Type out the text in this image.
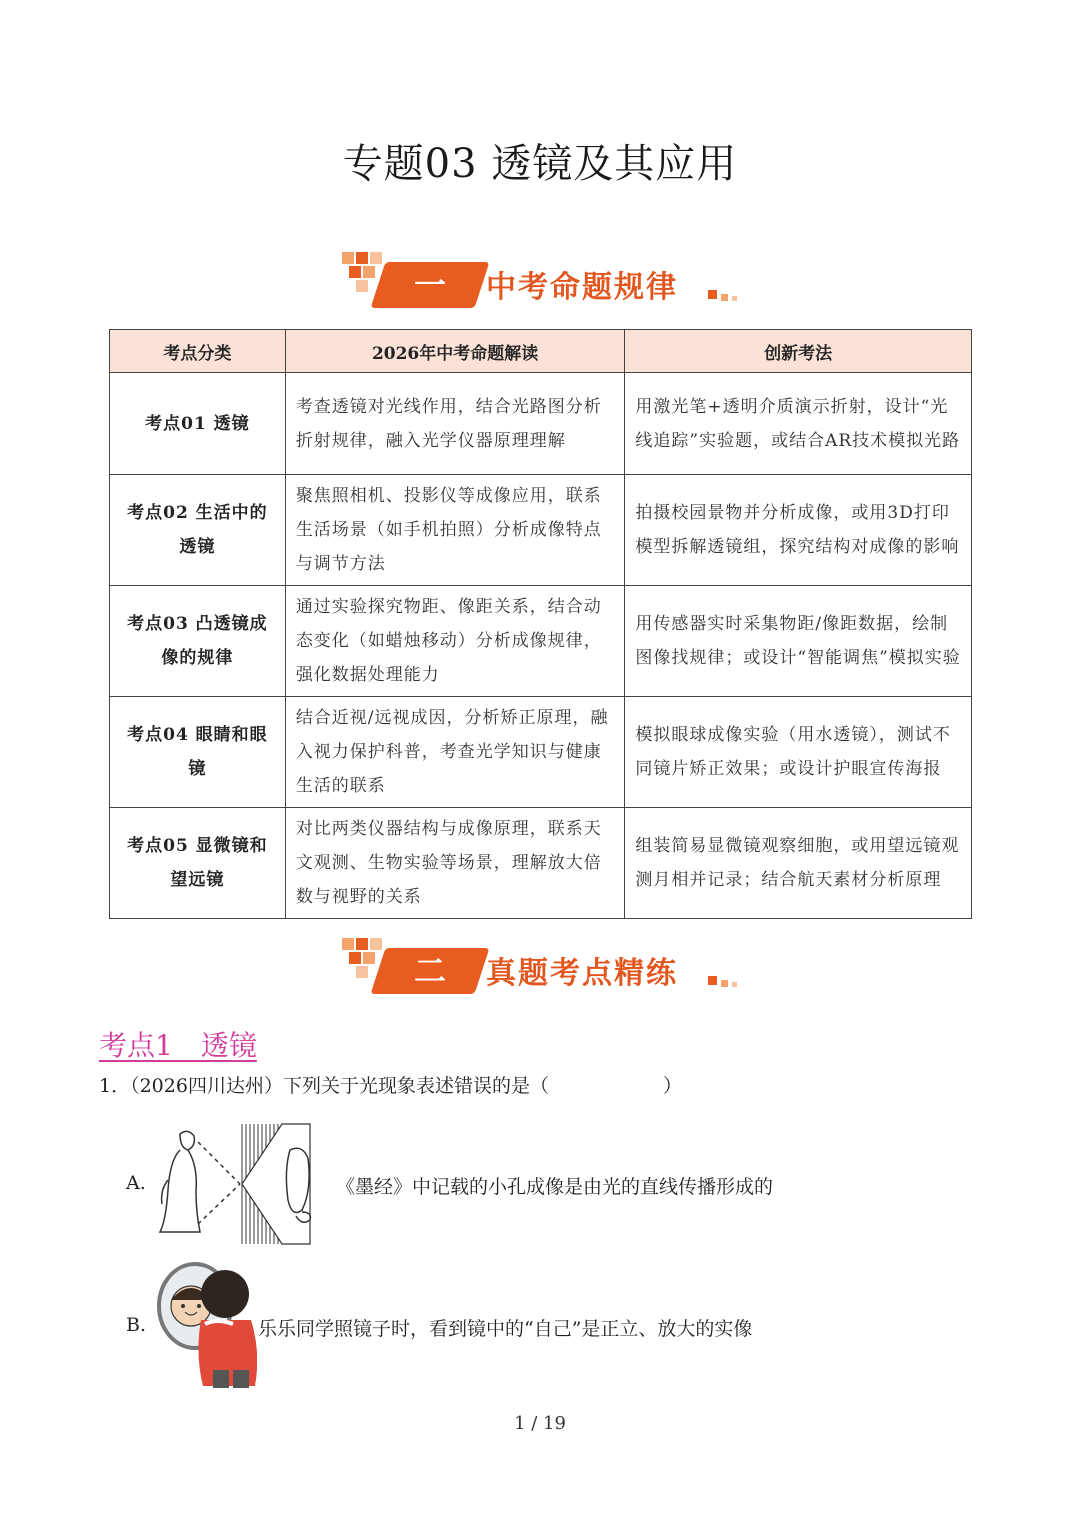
专题03 透镜及其应用
一	中考命题规律
考点分类	2026年中考命题解读	创新考法
考点01 透镜	考查透镜对光线作用，结合光路图分析折射规律，融入光学仪器原理理解	用激光笔+透明介质演示折射，设计“光线追踪”实验题，或结合AR技术模拟光路
考点02 生活中的透镜	聚焦照相机、投影仪等成像应用，联系生活场景（如手机拍照）分析成像特点与调节方法	拍摄校园景物并分析成像，或用3D打印模型拆解透镜组，探究结构对成像的影响
考点03 凸透镜成像的规律	通过实验探究物距、像距关系，结合动态变化（如蜡烛移动）分析成像规律，强化数据处理能力	用传感器实时采集物距/像距数据，绘制图像找规律；或设计“智能调焦”模拟实验
考点04 眼睛和眼镜	结合近视/远视成因，分析矫正原理，融入视力保护科普，考查光学知识与健康生活的联系	模拟眼球成像实验（用水透镜），测试不同镜片矫正效果；或设计护眼宣传海报
考点05 显微镜和望远镜	对比两类仪器结构与成像原理，联系天文观测、生物实验等场景，理解放大倍数与视野的关系	组装简易显微镜观察细胞，或用望远镜观测月相并记录；结合航天素材分析原理
二	真题考点精练
考点1　透镜
1．（2026四川达州）下列关于光现象表述错误的是（　　　　　　）
A.	《墨经》中记载的小孔成像是由光的直线传播形成的
B.	乐乐同学照镜子时，看到镜中的“自己”是正立、放大的实像
1 / 19
